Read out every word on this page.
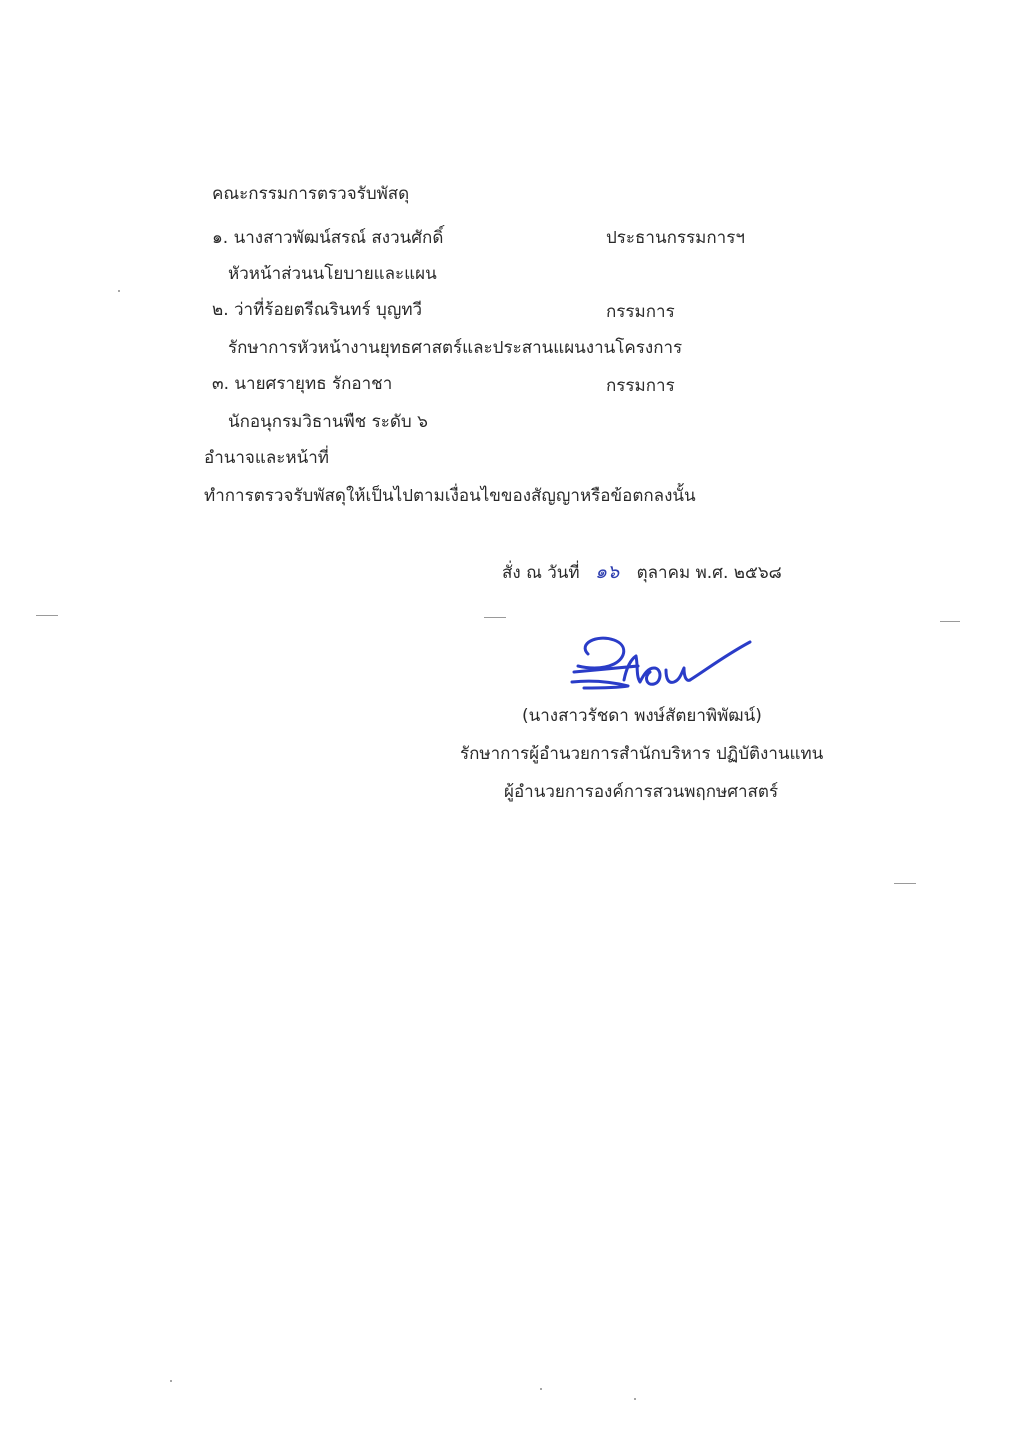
คณะกรรมการตรวจรับพัสดุ
๑. นางสาวพัฒน์สรณ์ สงวนศักดิ์	ประธานกรรมการฯ
หัวหน้าส่วนนโยบายและแผน
๒. ว่าที่ร้อยตรีณรินทร์ บุญทวี	กรรมการ
รักษาการหัวหน้างานยุทธศาสตร์และประสานแผนงานโครงการ
๓. นายศรายุทธ รักอาชา	กรรมการ
นักอนุกรมวิธานพืช ระดับ ๖
อำนาจและหน้าที่
ทำการตรวจรับพัสดุให้เป็นไปตามเงื่อนไขของสัญญาหรือข้อตกลงนั้น
สั่ง ณ วันที่ ๑๖ ตุลาคม พ.ศ. ๒๕๖๘
(นางสาวรัชดา พงษ์สัตยาพิพัฒน์)
รักษาการผู้อำนวยการสำนักบริหาร ปฏิบัติงานแทน
ผู้อำนวยการองค์การสวนพฤกษศาสตร์
